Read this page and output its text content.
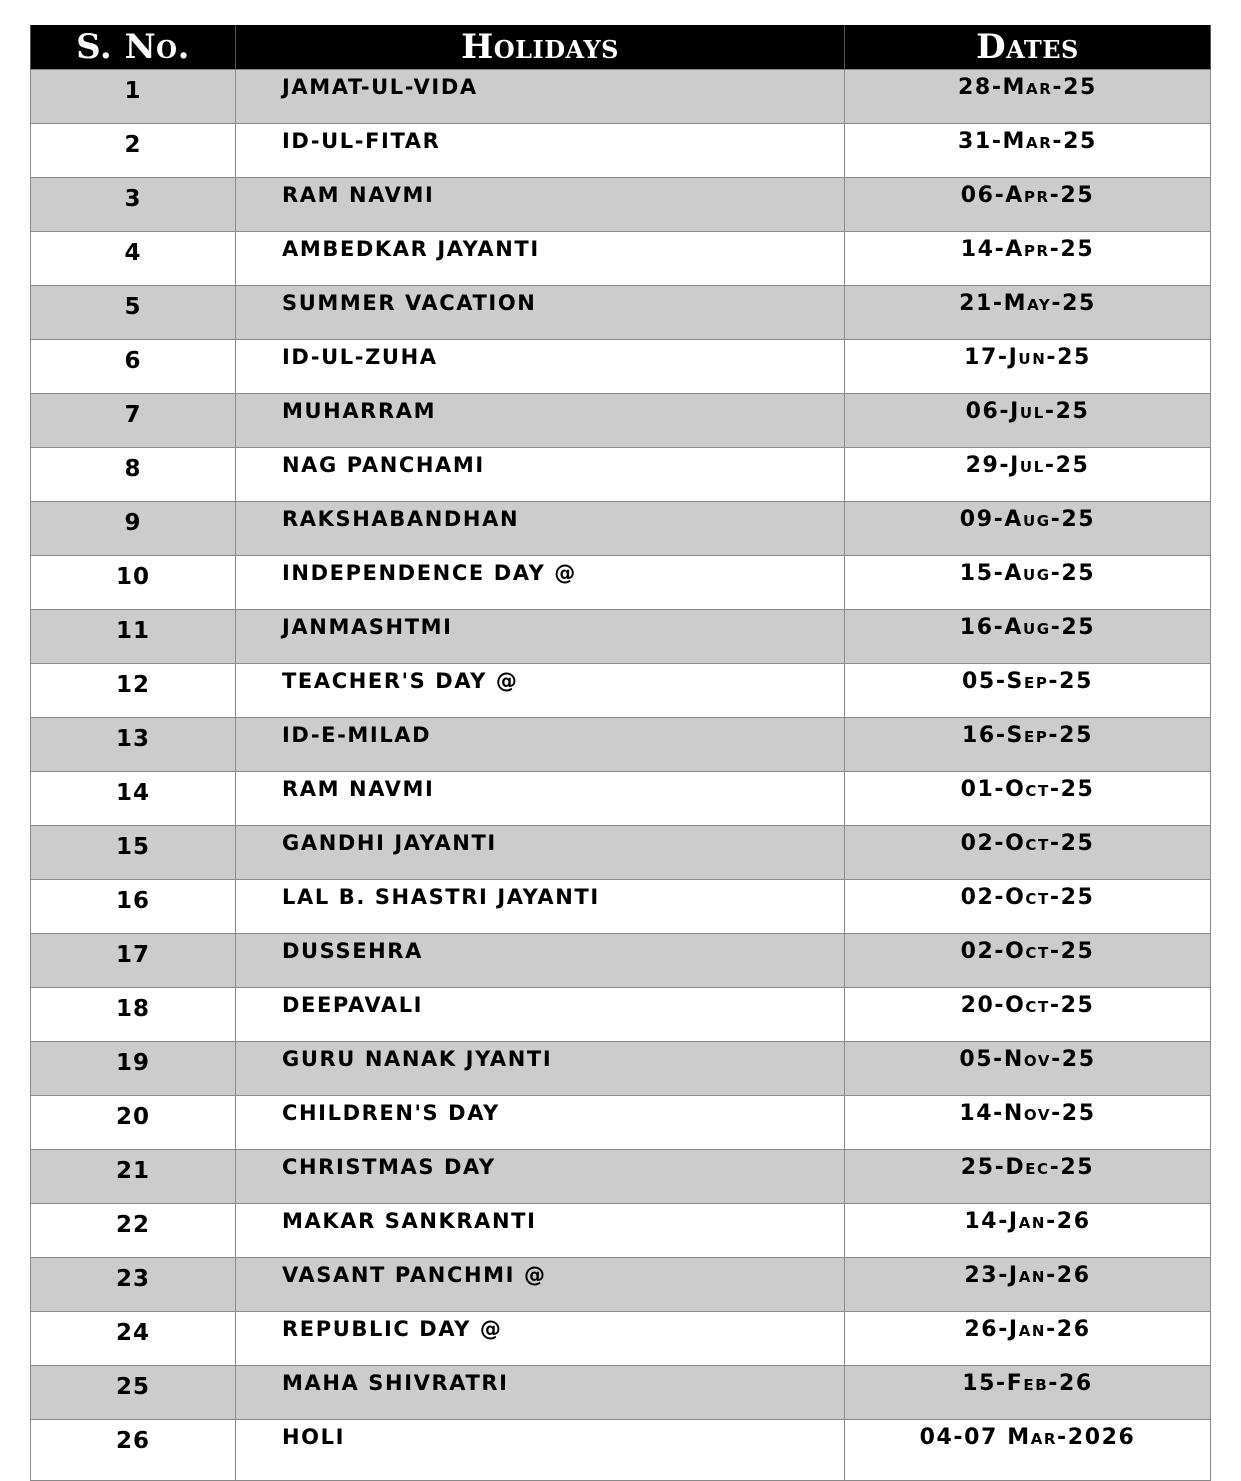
S. No.	Holidays	Dates
1	JAMAT-UL-VIDA	28-Mar-25
2	ID-UL-FITAR	31-Mar-25
3	RAM NAVMI	06-Apr-25
4	AMBEDKAR JAYANTI	14-Apr-25
5	SUMMER VACATION	21-May-25
6	ID-UL-ZUHA	17-Jun-25
7	MUHARRAM	06-Jul-25
8	NAG PANCHAMI	29-Jul-25
9	RAKSHABANDHAN	09-Aug-25
10	INDEPENDENCE DAY @	15-Aug-25
11	JANMASHTMI	16-Aug-25
12	TEACHER'S DAY @	05-Sep-25
13	ID-E-MILAD	16-Sep-25
14	RAM NAVMI	01-Oct-25
15	GANDHI JAYANTI	02-Oct-25
16	LAL B. SHASTRI JAYANTI	02-Oct-25
17	DUSSEHRA	02-Oct-25
18	DEEPAVALI	20-Oct-25
19	GURU NANAK JYANTI	05-Nov-25
20	CHILDREN'S DAY	14-Nov-25
21	CHRISTMAS DAY	25-Dec-25
22	MAKAR SANKRANTI	14-Jan-26
23	VASANT PANCHMI @	23-Jan-26
24	REPUBLIC DAY @	26-Jan-26
25	MAHA SHIVRATRI	15-Feb-26
26	HOLI	04-07 Mar-2026
